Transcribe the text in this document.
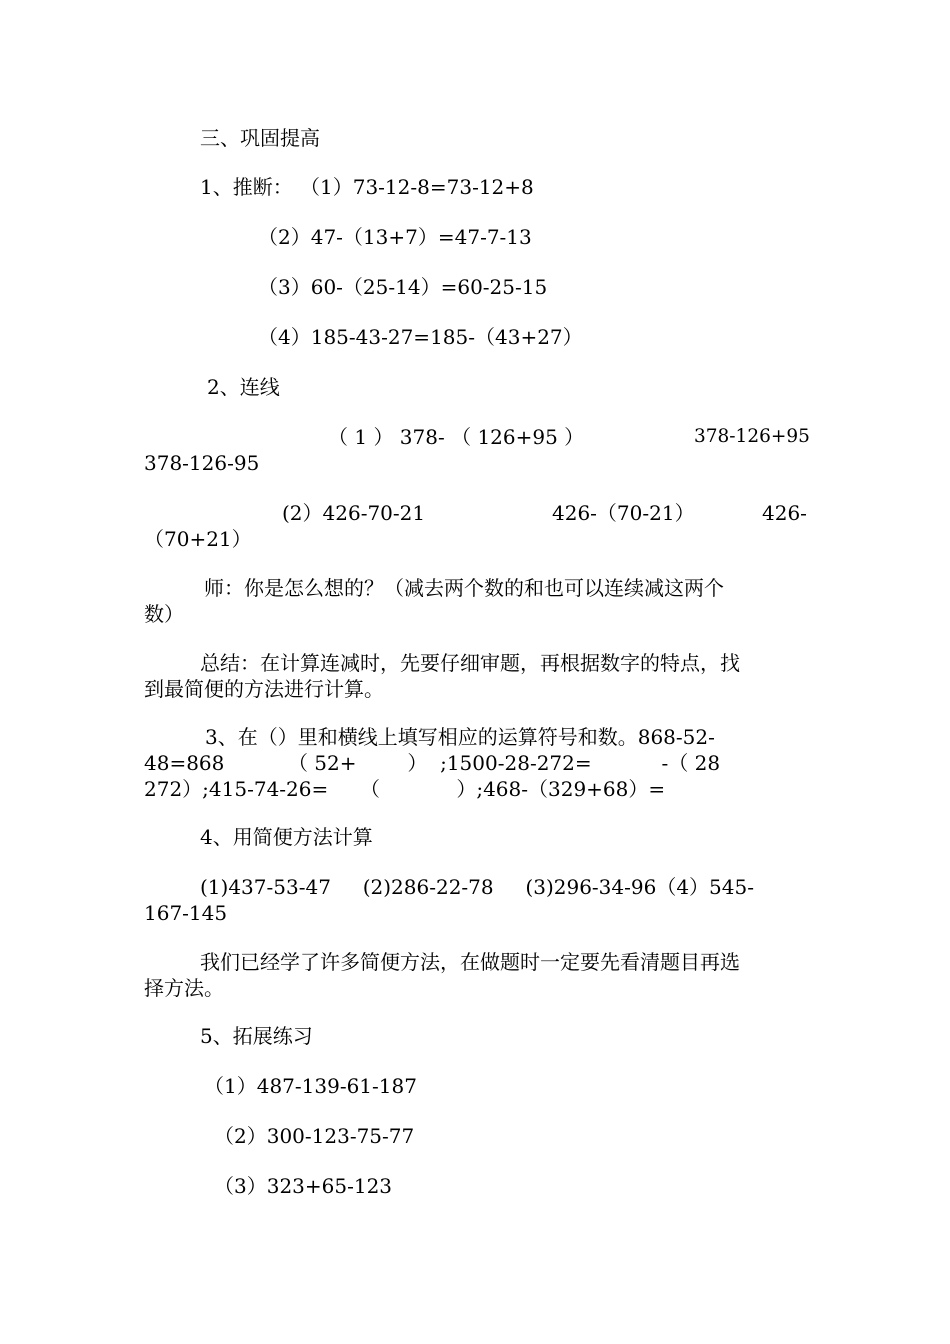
三、巩固提高

1、推断： （1）73-12-8=73-12+8

（2）47-（13+7）=47-7-13

（3）60-（25-14）=60-25-15

（4）185-43-27=185-（43+27）

2、连线

（ 1 ） 378- （ 126+95 ）	378-126+95

378-126-95

(2）426-70-21	426-（70-21）	426-

（70+21）

师：你是怎么想的？（减去两个数的和也可以连续减这两个

数）

总结：在计算连减时，先要仔细审题，再根据数字的特点，找

到最简便的方法进行计算。

3、在（）里和横线上填写相应的运算符号和数。868-52-

48=868          （ 52+        ）  ;1500-28-272=           -（ 28

272）;415-74-26=     （            ）;468-（329+68）=

4、用简便方法计算

(1)437-53-47     (2)286-22-78     (3)296-34-96（4）545-

167-145

我们已经学了许多简便方法，在做题时一定要先看清题目再选

择方法。

5、拓展练习

（1）487-139-61-187

（2）300-123-75-77

（3）323+65-123
